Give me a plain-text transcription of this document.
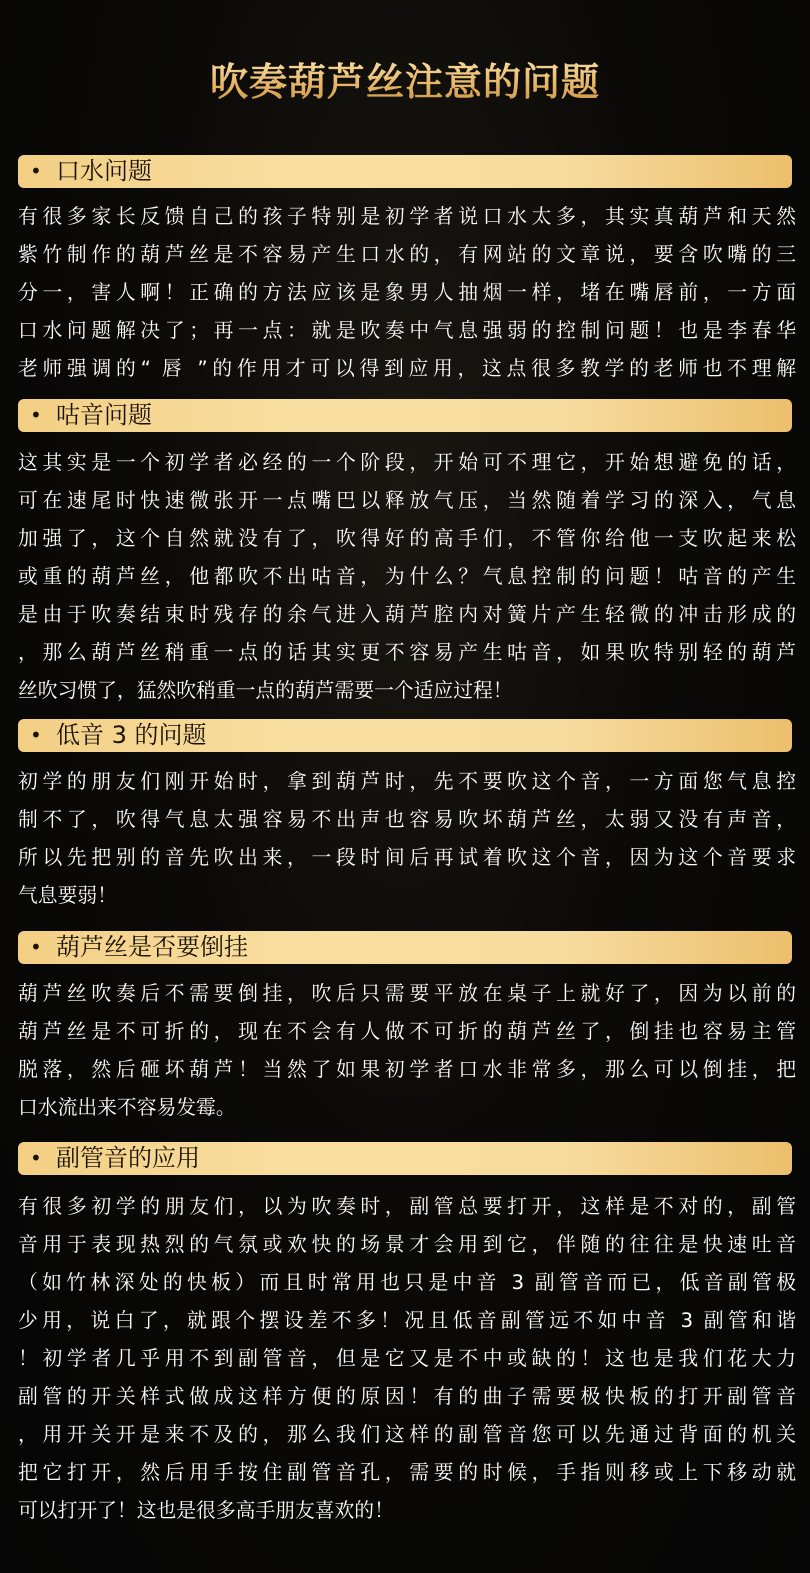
吹奏葫芦丝注意的问题
• 口水问题
有很多家长反馈自己的孩子特别是初学者说口水太多，其实真葫芦和天然
紫竹制作的葫芦丝是不容易产生口水的，有网站的文章说，要含吹嘴的三
分一，害人啊！正确的方法应该是象男人抽烟一样，堵在嘴唇前，一方面
口水问题解决了；再一点：就是吹奏中气息强弱的控制问题！也是李春华
老师强调的“ 唇 ”的作用才可以得到应用，这点很多教学的老师也不理解
• 咕音问题
这其实是一个初学者必经的一个阶段，开始可不理它，开始想避免的话，
可在速尾时快速微张开一点嘴巴以释放气压，当然随着学习的深入，气息
加强了，这个自然就没有了，吹得好的高手们，不管你给他一支吹起来松
或重的葫芦丝，他都吹不出咕音，为什么？气息控制的问题！咕音的产生
是由于吹奏结束时残存的余气进入葫芦腔内对簧片产生轻微的冲击形成的
，那么葫芦丝稍重一点的话其实更不容易产生咕音，如果吹特别轻的葫芦
丝吹习惯了，猛然吹稍重一点的葫芦需要一个适应过程！
• 低音 3 的问题
初学的朋友们刚开始时，拿到葫芦时，先不要吹这个音，一方面您气息控
制不了，吹得气息太强容易不出声也容易吹坏葫芦丝，太弱又没有声音，
所以先把别的音先吹出来，一段时间后再试着吹这个音，因为这个音要求
气息要弱！
• 葫芦丝是否要倒挂
葫芦丝吹奏后不需要倒挂，吹后只需要平放在桌子上就好了，因为以前的
葫芦丝是不可折的，现在不会有人做不可折的葫芦丝了，倒挂也容易主管
脱落，然后砸坏葫芦！当然了如果初学者口水非常多，那么可以倒挂，把
口水流出来不容易发霉。
• 副管音的应用
有很多初学的朋友们，以为吹奏时，副管总要打开，这样是不对的，副管
音用于表现热烈的气氛或欢快的场景才会用到它，伴随的往往是快速吐音
（如竹林深处的快板）而且时常用也只是中音 3 副管音而已，低音副管极
少用，说白了，就跟个摆设差不多！况且低音副管远不如中音 3 副管和谐
！初学者几乎用不到副管音，但是它又是不中或缺的！这也是我们花大力
副管的开关样式做成这样方便的原因！有的曲子需要极快板的打开副管音
，用开关开是来不及的，那么我们这样的副管音您可以先通过背面的机关
把它打开，然后用手按住副管音孔，需要的时候，手指则移或上下移动就
可以打开了！这也是很多高手朋友喜欢的！
